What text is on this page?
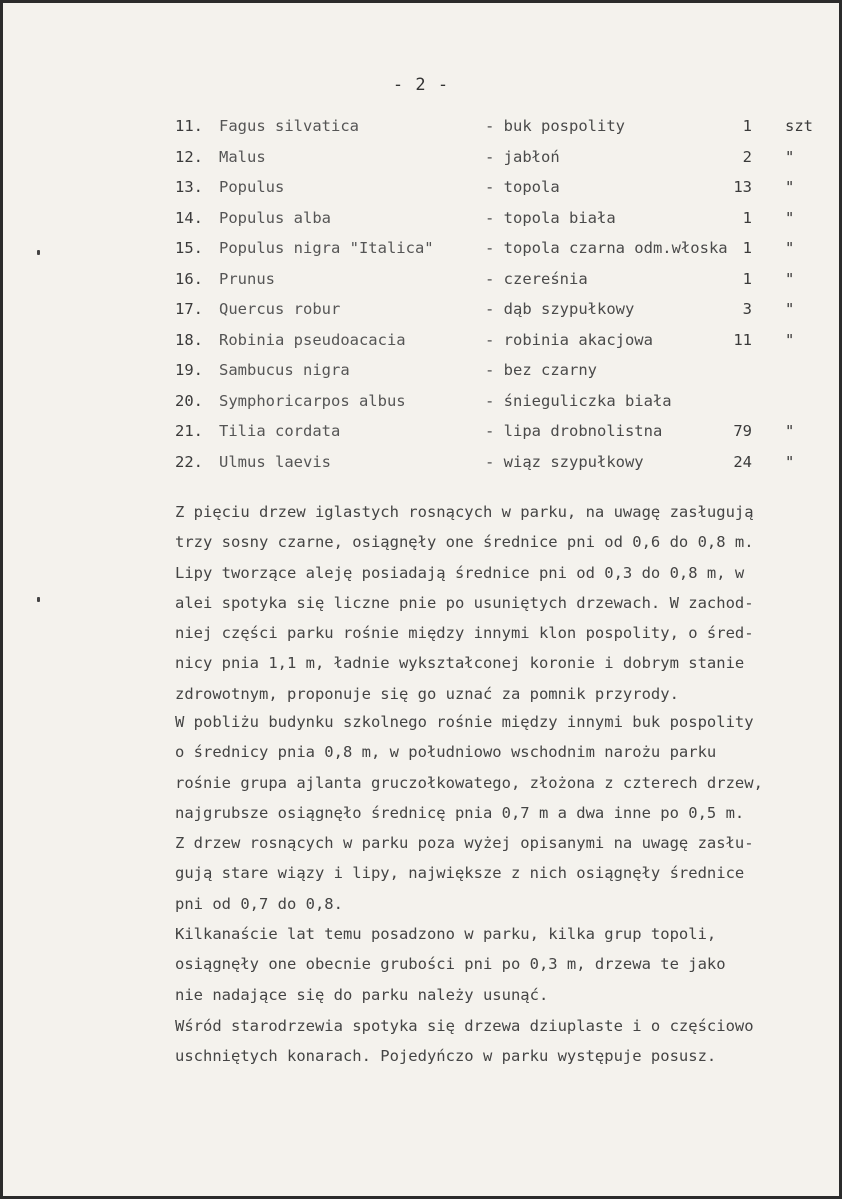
- 2 -
11. Fagus silvatica	- buk pospolity	1 szt
12. Malus	- jabłoń	2 "
13. Populus	- topola	13 "
14. Populus alba	- topola biała	1 "
15. Populus nigra "Italica"	- topola czarna odm.włoska 1 "
16. Prunus	- czereśnia	1 "
17. Quercus robur	- dąb szypułkowy	3 "
18. Robinia pseudoacacia	- robinia akacjowa	11 "
19. Sambucus nigra	- bez czarny
20. Symphoricarpos albus	- śnieguliczka biała
21. Tilia cordata	- lipa drobnolistna	79 "
22. Ulmus laevis	- wiąz szypułkowy	24 "
Z pięciu drzew iglastych rosnących w parku, na uwagę zasługują
trzy sosny czarne, osiągnęły one średnice pni od 0,6 do 0,8 m.
Lipy tworzące aleję posiadają średnice pni od 0,3 do 0,8 m, w
alei spotyka się liczne pnie po usuniętych drzewach. W zachod-
niej części parku rośnie między innymi klon pospolity, o śred-
nicy pnia 1,1 m, ładnie wykształconej koronie i dobrym stanie
zdrowotnym, proponuje się go uznać za pomnik przyrody.
W pobliżu budynku szkolnego rośnie między innymi buk pospolity
o średnicy pnia 0,8 m, w południowo wschodnim narożu parku
rośnie grupa ajlanta gruczołkowatego, złożona z czterech drzew,
najgrubsze osiągnęło średnicę pnia 0,7 m a dwa inne po 0,5 m.
Z drzew rosnących w parku poza wyżej opisanymi na uwagę zasłu-
gują stare wiązy i lipy, największe z nich osiągnęły średnice
pni od 0,7 do 0,8.
Kilkanaście lat temu posadzono w parku, kilka grup topoli,
osiągnęły one obecnie grubości pni po 0,3 m, drzewa te jako
nie nadające się do parku należy usunąć.
Wśród starodrzewia spotyka się drzewa dziuplaste i o częściowo
uschniętych konarach. Pojedyńczo w parku występuje posusz.
